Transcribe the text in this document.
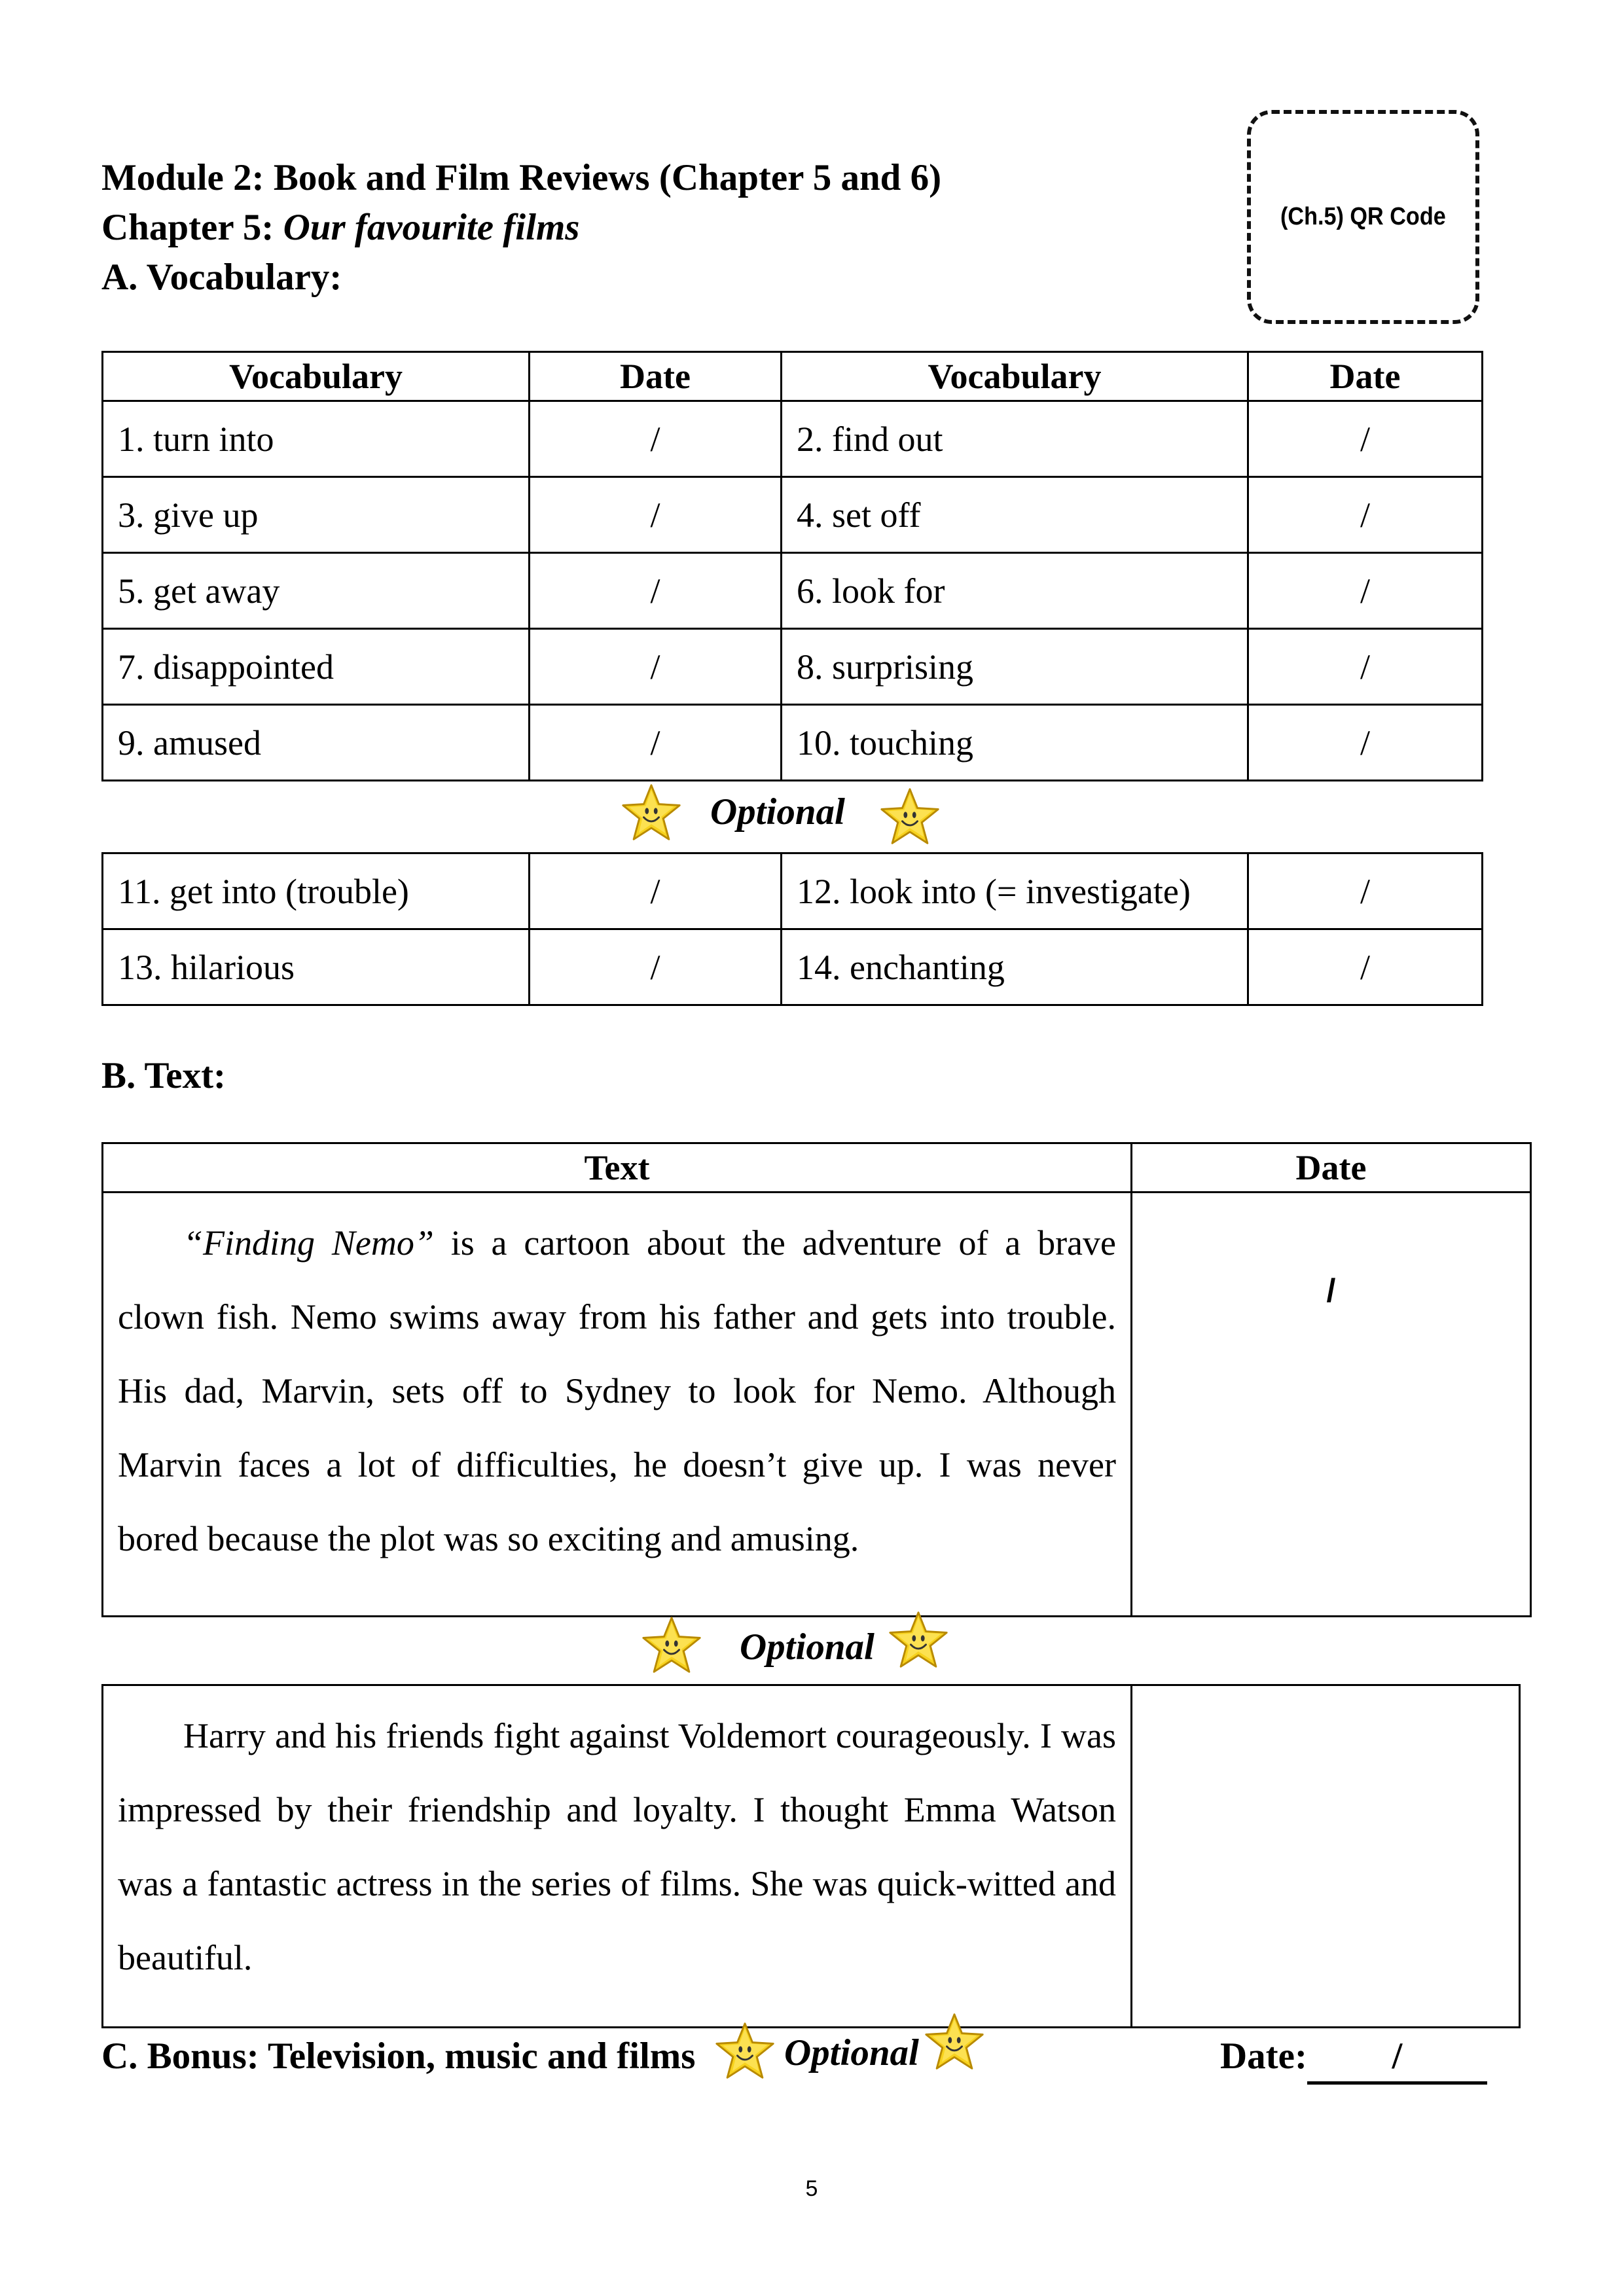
Module 2: Book and Film Reviews (Chapter 5 and 6)
Chapter 5: Our favourite films
A. Vocabulary:
(Ch.5) QR Code
Vocabulary	Date	Vocabulary	Date
1. turn into	/	2. find out	/
3. give up	/	4. set off	/
5. get away	/	6. look for	/
7. disappointed	/	8. surprising	/
9. amused	/	10. touching	/
Optional
11. get into (trouble)	/	12. look into (= investigate)	/
13. hilarious	/	14. enchanting	/
B. Text:
Text	Date
“Finding Nemo” is a cartoon about the adventure of a brave clown fish. Nemo swims away from his father and gets into trouble. His dad, Marvin, sets off to Sydney to look for Nemo. Although Marvin faces a lot of difficulties, he doesn’t give up. I was never bored because the plot was so exciting and amusing.	/
Optional
Harry and his friends fight against Voldemort courageously. I was impressed by their friendship and loyalty. I thought Emma Watson was a fantastic actress in the series of films. She was quick-witted and beautiful.	
C. Bonus: Television, music and films Optional	Date: /
5
